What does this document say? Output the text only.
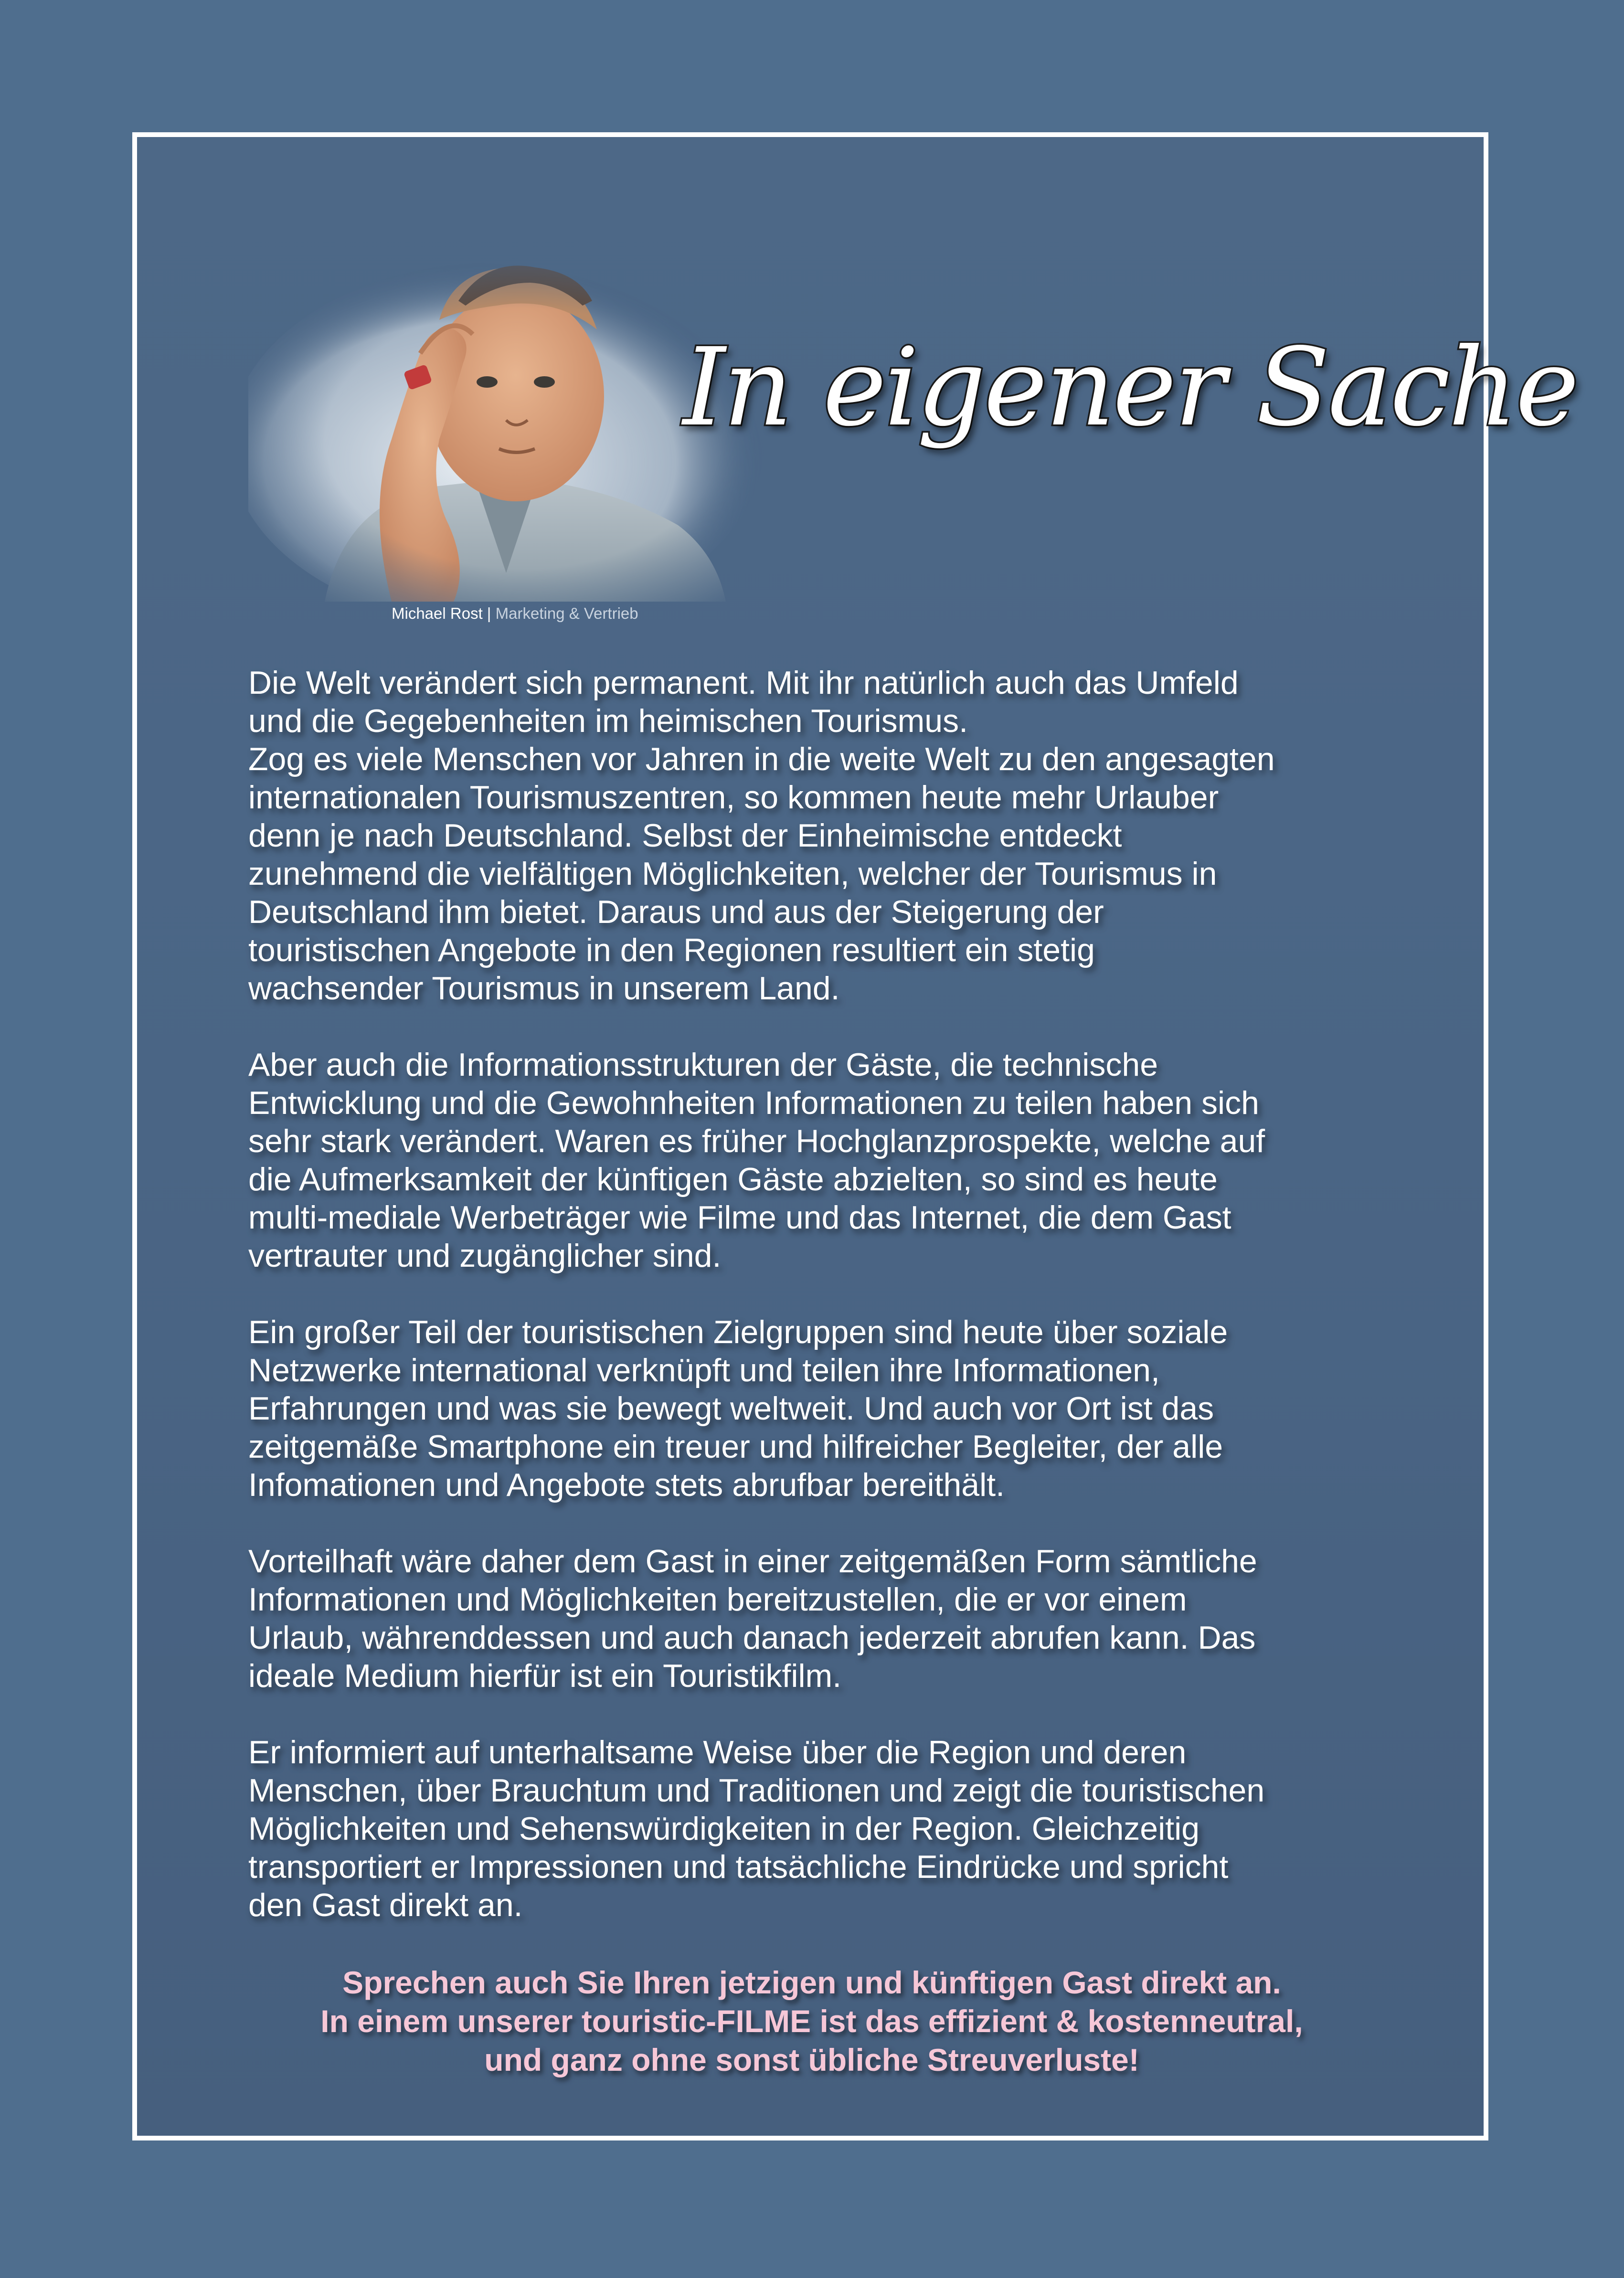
Michael Rost | Marketing & Vertrieb
In eigener Sache

Die Welt verändert sich permanent. Mit ihr natürlich auch das Umfeld
und die Gegebenheiten im heimischen Tourismus.
Zog es viele Menschen vor Jahren in die weite Welt zu den angesagten
internationalen Tourismuszentren, so kommen heute mehr Urlauber
denn je nach Deutschland. Selbst der Einheimische entdeckt
zunehmend die vielfältigen Möglichkeiten, welcher der Tourismus in
Deutschland ihm bietet. Daraus und aus der Steigerung der
touristischen Angebote in den Regionen resultiert ein stetig
wachsender Tourismus in unserem Land.

Aber auch die Informationsstrukturen der Gäste, die technische
Entwicklung und die Gewohnheiten Informationen zu teilen haben sich
sehr stark verändert. Waren es früher Hochglanzprospekte, welche auf
die Aufmerksamkeit der künftigen Gäste abzielten, so sind es heute
multi-mediale Werbeträger wie Filme und das Internet, die dem Gast
vertrauter und zugänglicher sind.

Ein großer Teil der touristischen Zielgruppen sind heute über soziale
Netzwerke international verknüpft und teilen ihre Informationen,
Erfahrungen und was sie bewegt weltweit. Und auch vor Ort ist das
zeitgemäße Smartphone ein treuer und hilfreicher Begleiter, der alle
Infomationen und Angebote stets abrufbar bereithält.

Vorteilhaft wäre daher dem Gast in einer zeitgemäßen Form sämtliche
Informationen und Möglichkeiten bereitzustellen, die er vor einem
Urlaub, währenddessen und auch danach jederzeit abrufen kann. Das
ideale Medium hierfür ist ein Touristikfilm.

Er informiert auf unterhaltsame Weise über die Region und deren
Menschen, über Brauchtum und Traditionen und zeigt die touristischen
Möglichkeiten und Sehenswürdigkeiten in der Region. Gleichzeitig
transportiert er Impressionen und tatsächliche Eindrücke und spricht
den Gast direkt an.

Sprechen auch Sie Ihren jetzigen und künftigen Gast direkt an.
In einem unserer touristic-FILME ist das effizient & kostenneutral,
und ganz ohne sonst übliche Streuverluste!
